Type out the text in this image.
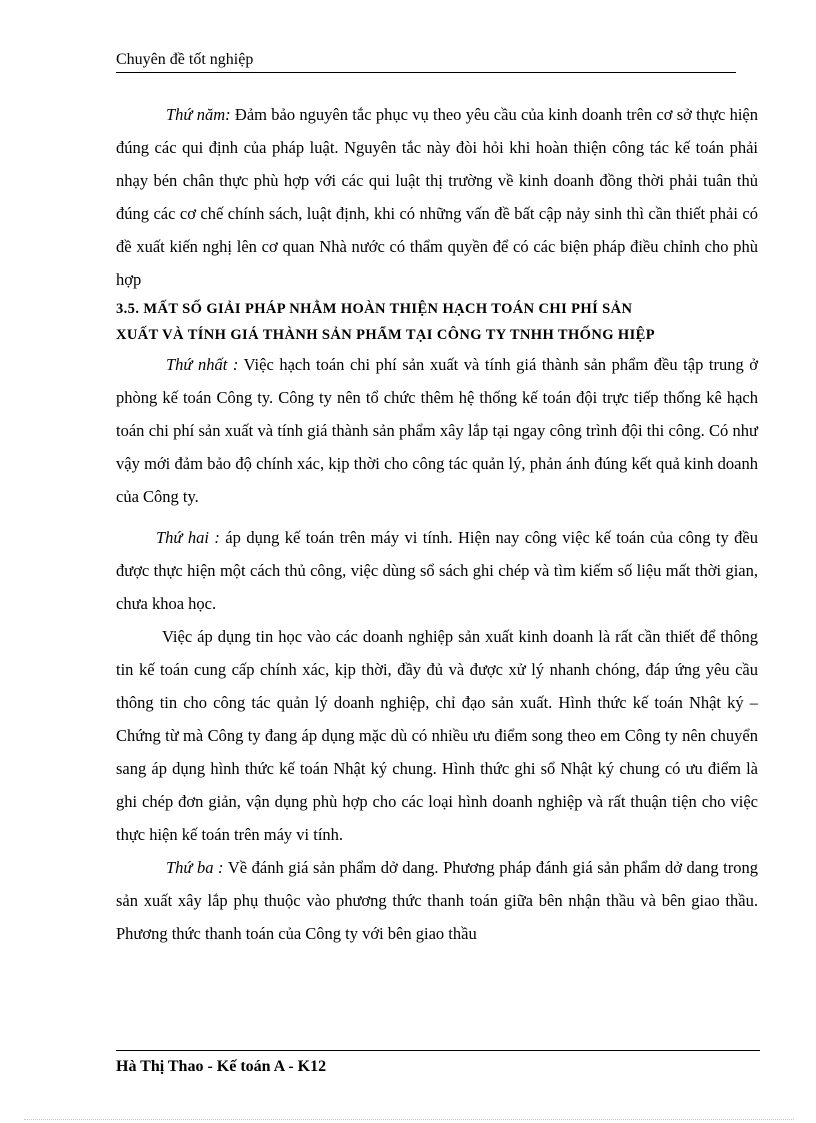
Chuyên đề tốt nghiệp

Thứ năm: Đảm bảo nguyên tắc phục vụ theo yêu cầu của kinh doanh trên cơ sở thực hiện đúng các qui định của pháp luật. Nguyên tắc này đòi hỏi khi hoàn thiện công tác kế toán phải nhạy bén chân thực phù hợp với các qui luật thị trường về kinh doanh đồng thời phải tuân thủ đúng các cơ chế chính sách, luật định, khi có những vấn đề bất cập nảy sinh thì cần thiết phải có đề xuất kiến nghị lên cơ quan Nhà nước có thẩm quyền để có các biện pháp điều chỉnh cho phù hợp

3.5. MẤT SỐ GIẢI PHÁP NHẰM HOÀN THIỆN HẠCH TOÁN CHI PHÍ SẢN
XUẤT VÀ TÍNH GIÁ THÀNH SẢN PHẨM TẠI CÔNG TY TNHH THỐNG HIỆP

Thứ nhất : Việc hạch toán chi phí sản xuất và tính giá thành sản phẩm đều tập trung ở phòng kế toán Công ty. Công ty nên tổ chức thêm hệ thống kế toán đội trực tiếp thống kê hạch toán chi phí sản xuất và tính giá thành sản phẩm xây lắp tại ngay công trình đội thi công. Có như vậy mới đảm bảo độ chính xác, kịp thời cho công tác quản lý, phản ánh đúng kết quả kinh doanh của Công ty.

Thứ hai : áp dụng kế toán trên máy vi tính. Hiện nay công việc kế toán của công ty đều được thực hiện một cách thủ công, việc dùng sổ sách ghi chép và tìm kiếm số liệu mất thời gian, chưa khoa học.

Việc áp dụng tin học vào các doanh nghiệp sản xuất kinh doanh là rất cần thiết để thông tin kế toán cung cấp chính xác, kịp thời, đầy đủ và được xử lý nhanh chóng, đáp ứng yêu cầu thông tin cho công tác quản lý doanh nghiệp, chỉ đạo sản xuất. Hình thức kế toán Nhật ký – Chứng từ mà Công ty đang áp dụng mặc dù có nhiều ưu điểm song theo em Công ty nên chuyển sang áp dụng hình thức kế toán Nhật ký chung. Hình thức ghi sổ Nhật ký chung có ưu điểm là ghi chép đơn giản, vận dụng phù hợp cho các loại hình doanh nghiệp và rất thuận tiện cho việc thực hiện kế toán trên máy vi tính.

Thứ ba : Về đánh giá sản phẩm dở dang. Phương pháp đánh giá sản phẩm dở dang trong sản xuất xây lắp phụ thuộc vào phương thức thanh toán giữa bên nhận thầu và bên giao thầu. Phương thức thanh toán của Công ty với bên giao thầu

Hà Thị Thao - Kế toán A - K12
